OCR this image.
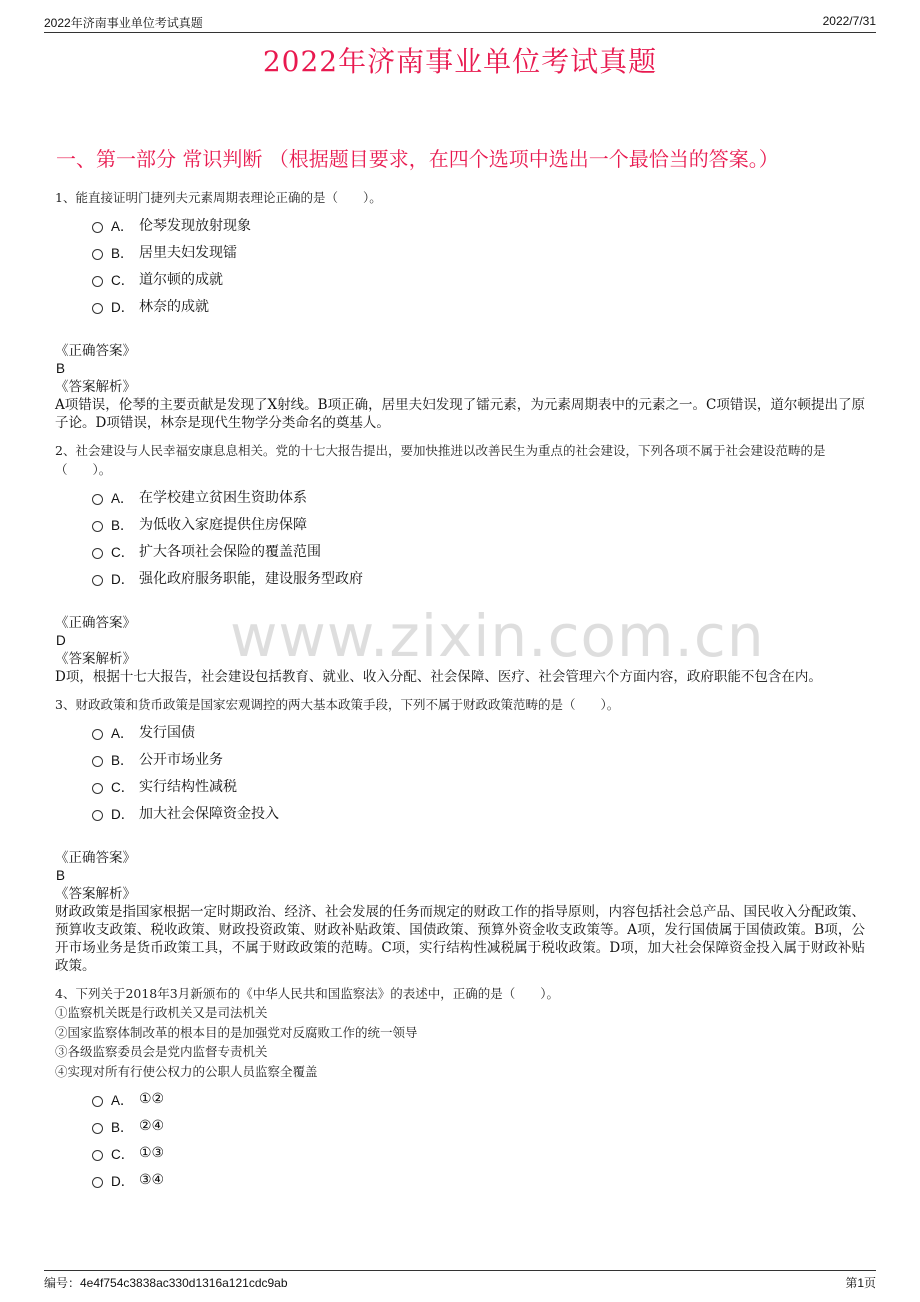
2022年济南事业单位考试真题	2022/7/31
2022年济南事业单位考试真题
一、第一部分 常识判断 （根据题目要求，在四个选项中选出一个最恰当的答案。）
www.zixin.com.cn
1、能直接证明门捷列夫元素周期表理论正确的是（　　）。
A． 伦琴发现放射现象
B． 居里夫妇发现镭
C． 道尔顿的成就
D． 林奈的成就
《正确答案》
B
《答案解析》
A项错误，伦琴的主要贡献是发现了X射线。B项正确，居里夫妇发现了镭元素，为元素周期表中的元素之一。C项错误，道尔顿提出了原子论。D项错误，林奈是现代生物学分类命名的奠基人。
2、社会建设与人民幸福安康息息相关。党的十七大报告提出，要加快推进以改善民生为重点的社会建设，下列各项不属于社会建设范畴的是（　　）。
A． 在学校建立贫困生资助体系
B． 为低收入家庭提供住房保障
C． 扩大各项社会保险的覆盖范围
D． 强化政府服务职能，建设服务型政府
《正确答案》
D
《答案解析》
D项，根据十七大报告，社会建设包括教育、就业、收入分配、社会保障、医疗、社会管理六个方面内容，政府职能不包含在内。
3、财政政策和货币政策是国家宏观调控的两大基本政策手段，下列不属于财政政策范畴的是（　　）。
A． 发行国债
B． 公开市场业务
C． 实行结构性减税
D． 加大社会保障资金投入
《正确答案》
B
《答案解析》
财政政策是指国家根据一定时期政治、经济、社会发展的任务而规定的财政工作的指导原则，内容包括社会总产品、国民收入分配政策、预算收支政策、税收政策、财政投资政策、财政补贴政策、国债政策、预算外资金收支政策等。A项，发行国债属于国债政策。B项，公开市场业务是货币政策工具，不属于财政政策的范畴。C项，实行结构性减税属于税收政策。D项，加大社会保障资金投入属于财政补贴政策。
4、下列关于2018年3月新颁布的《中华人民共和国监察法》的表述中，正确的是（　　）。
①监察机关既是行政机关又是司法机关
②国家监察体制改革的根本目的是加强党对反腐败工作的统一领导
③各级监察委员会是党内监督专责机关
④实现对所有行使公权力的公职人员监察全覆盖
A． ①②
B． ②④
C． ①③
D． ③④
编号：4e4f754c3838ac330d1316a121cdc9ab	第1页
